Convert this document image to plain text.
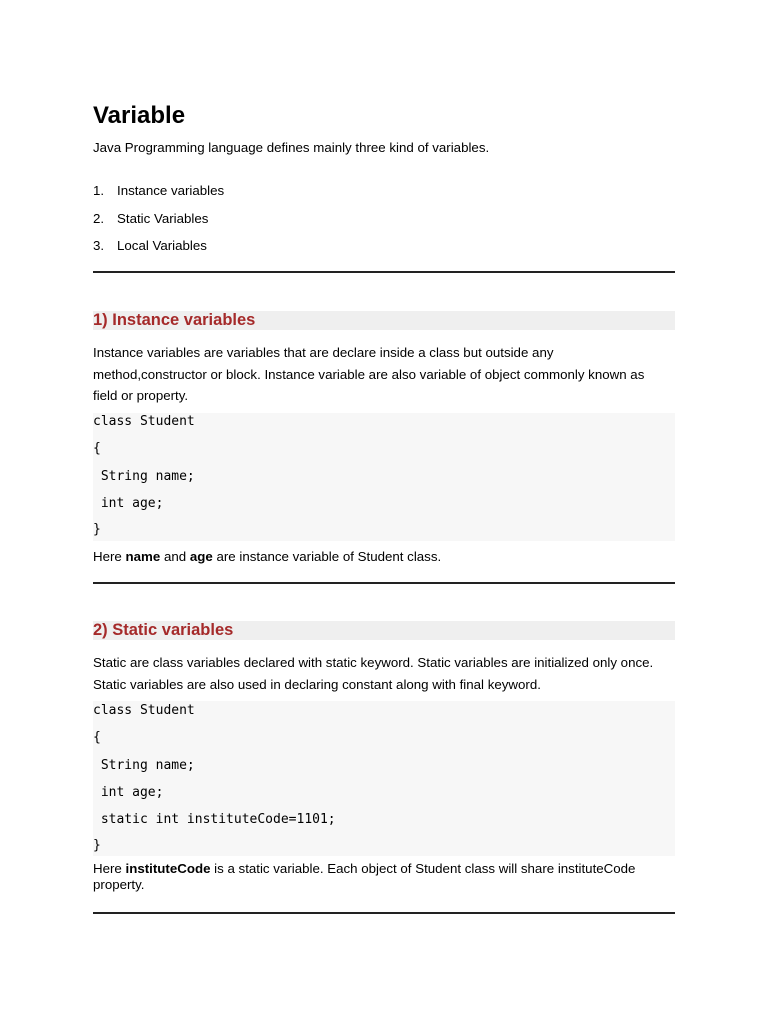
Variable

Java Programming language defines mainly three kind of variables.

1. Instance variables
2. Static Variables
3. Local Variables
1) Instance variables

Instance variables are variables that are declare inside a class but outside any

method,constructor or block. Instance variable are also variable of object commonly known as

field or property.

class Student
{
String name;
int age;
}

Here name and age are instance variable of Student class.

2) Static variables

Static are class variables declared with static keyword. Static variables are initialized only once.

Static variables are also used in declaring constant along with final keyword.

class Student
{
String name;
int age;
static int instituteCode=1101;
}

Here instituteCode is a static variable. Each object of Student class will share instituteCode

property.
